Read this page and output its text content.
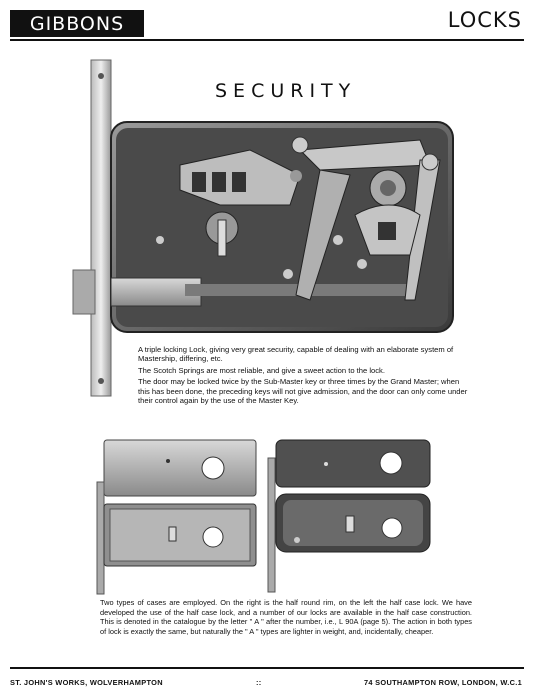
GIBBONS	LOCKS
SECURITY

A triple locking Lock, giving very great security, capable of dealing with an elaborate system of Mastership, differing, etc.

The Scotch Springs are most reliable, and give a sweet action to the lock.

The door may be locked twice by the Sub-Master key or three times by the Grand Master; when this has been done, the preceding keys will not give admission, and the door can only come under their control again by the use of the Master Key.

Two types of cases are employed. On the right is the half round rim, on the left the half case lock. We have developed the use of the half case lock, and a number of our locks are available in the half case construction. This is denoted in the catalogue by the letter " A " after the number, i.e., L 90A (page 5). The action in both types of lock is exactly the same, but naturally the " A " types are lighter in weight, and, incidentally, cheaper.
ST. JOHN'S WORKS, WOLVERHAMPTON	::	74 SOUTHAMPTON ROW, LONDON, W.C.1
